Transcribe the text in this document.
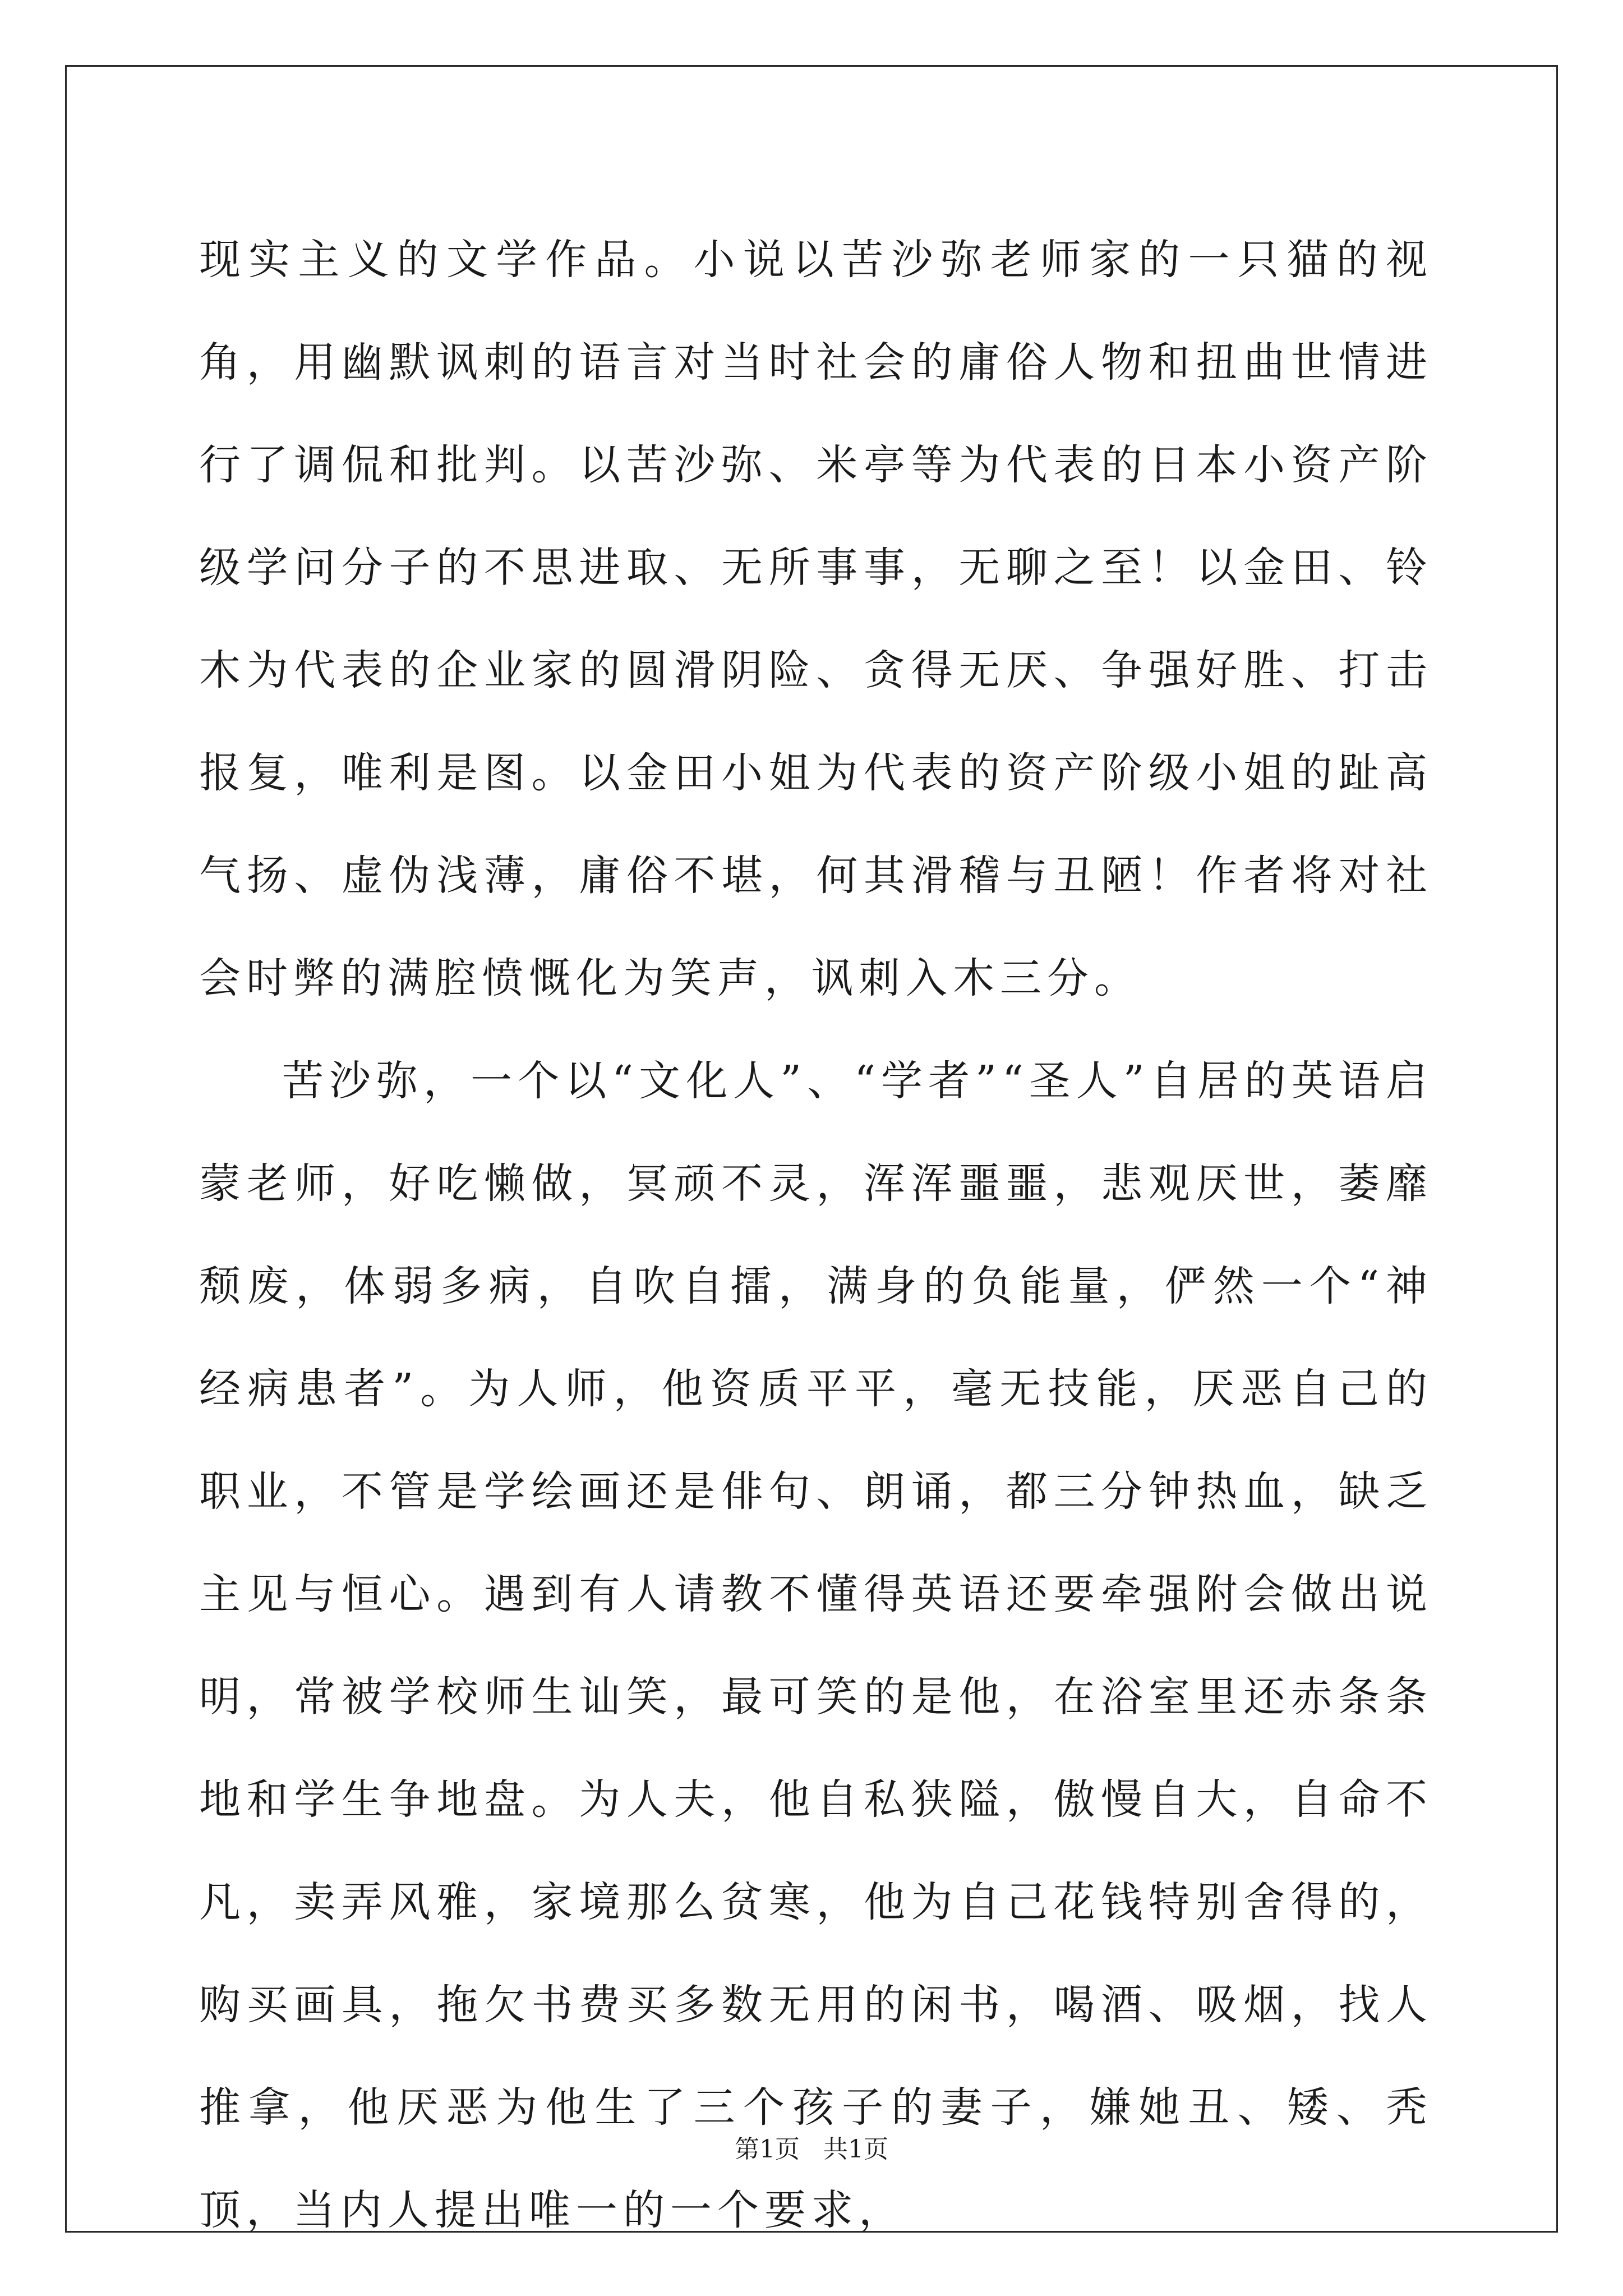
现实主义的文学作品。小说以苦沙弥老师家的一只猫的视角，用幽默讽刺的语言对当时社会的庸俗人物和扭曲世情进行了调侃和批判。以苦沙弥、米亭等为代表的日本小资产阶级学问分子的不思进取、无所事事，无聊之至！以金田、铃木为代表的企业家的圆滑阴险、贪得无厌、争强好胜、打击报复，唯利是图。以金田小姐为代表的资产阶级小姐的趾高气扬、虚伪浅薄，庸俗不堪，何其滑稽与丑陋！作者将对社会时弊的满腔愤慨化为笑声，讽刺入木三分。

苦沙弥，一个以“文化人”、“学者”“圣人”自居的英语启蒙老师，好吃懒做，冥顽不灵，浑浑噩噩，悲观厌世，萎靡颓废，体弱多病，自吹自擂，满身的负能量，俨然一个“神经病患者”。为人师，他资质平平，毫无技能，厌恶自己的职业，不管是学绘画还是俳句、朗诵，都三分钟热血，缺乏主见与恒心。遇到有人请教不懂得英语还要牵强附会做出说明，常被学校师生讪笑，最可笑的是他，在浴室里还赤条条地和学生争地盘。为人夫，他自私狭隘，傲慢自大，自命不凡，卖弄风雅，家境那么贫寒，他为自己花钱特别舍得的，购买画具，拖欠书费买多数无用的闲书，喝酒、吸烟，找人推拿，他厌恶为他生了三个孩子的妻子，嫌她丑、矮、秃顶，当内人提出唯一的一个要求，

第1页   共1页
